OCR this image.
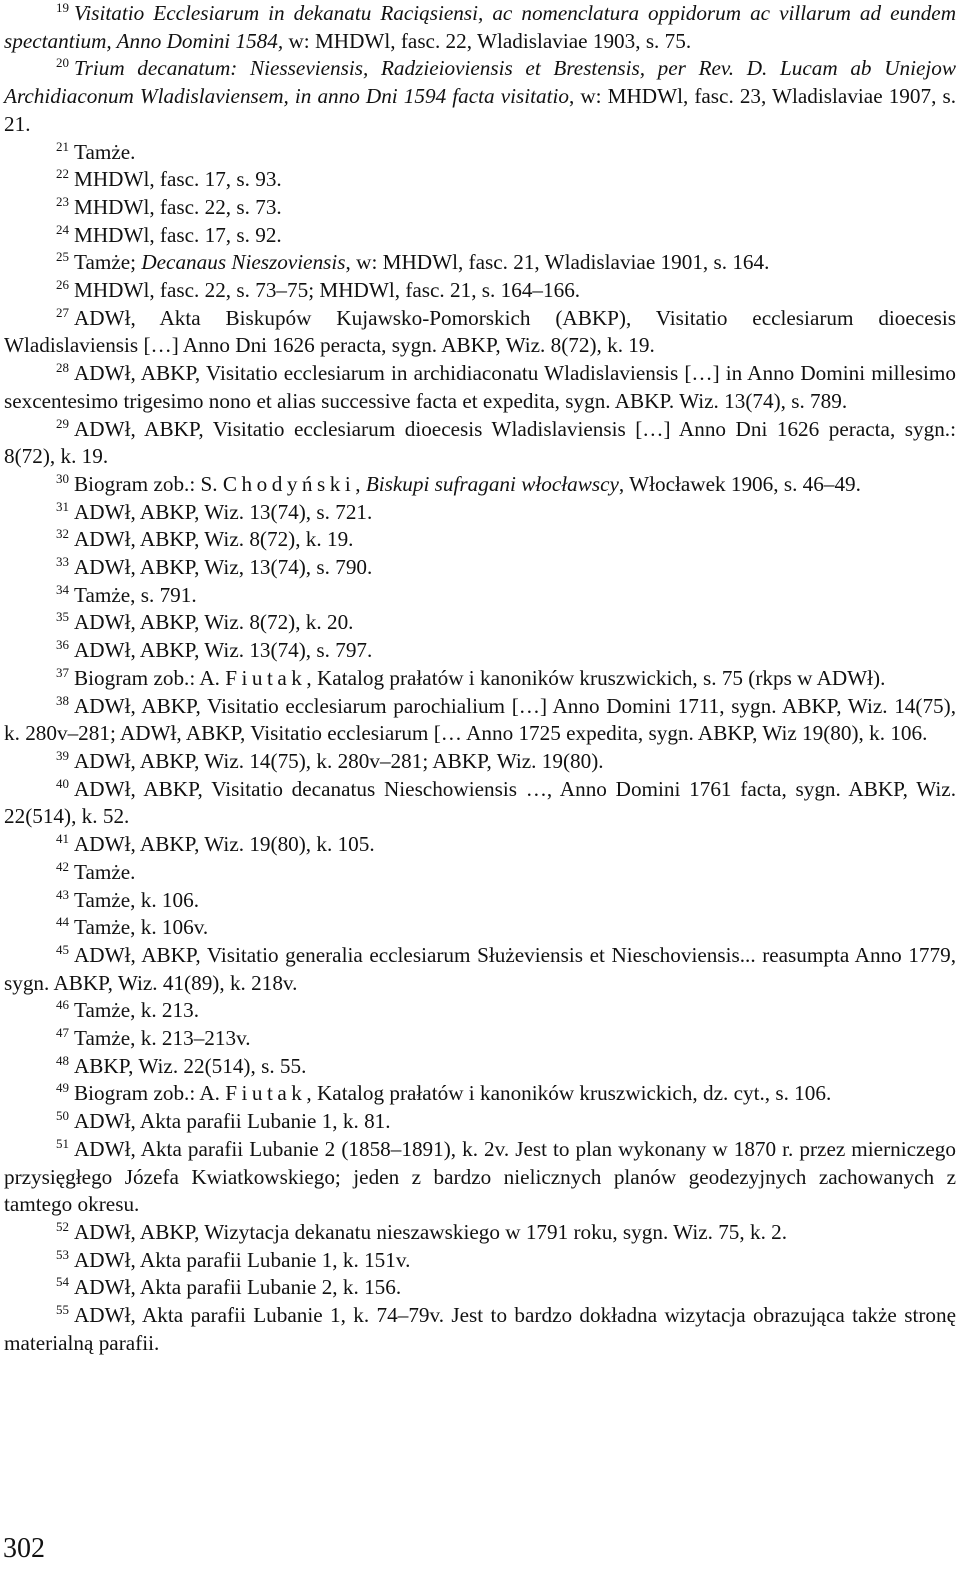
$^{19}$ Visitatio Ecclesiarum in dekanatu Raciąsiensi, ac nomenclatura oppidorum ac villarum ad eundem spectantium, Anno Domini 1584, w: MHDWl, fasc. 22, Wladislaviae 1903, s. 75.

$^{20}$ Trium decanatum: Niesseviensis, Radzieioviensis et Brestensis, per Rev. D. Lucam ab Uniejow Archidiaconum Wladislaviensem, in anno Dni 1594 facta visitatio, w: MHDWl, fasc. 23, Wladislaviae 1907, s. 21.

$^{21}$ Tamże.

$^{22}$ MHDWl, fasc. 17, s. 93.

$^{23}$ MHDWl, fasc. 22, s. 73.

$^{24}$ MHDWl, fasc. 17, s. 92.

$^{25}$ Tamże; Decanaus Nieszoviensis, w: MHDWl, fasc. 21, Wladislaviae 1901, s. 164.

$^{26}$ MHDWl, fasc. 22, s. 73–75; MHDWl, fasc. 21, s. 164–166.

$^{27}$ ADWł, Akta Biskupów Kujawsko-Pomorskich (ABKP), Visitatio ecclesiarum dioecesis Wladislaviensis […] Anno Dni 1626 peracta, sygn. ABKP, Wiz. 8(72), k. 19.

$^{28}$ ADWł, ABKP, Visitatio ecclesiarum in archidiaconatu Wladislaviensis […] in Anno Domini millesimo sexcentesimo trigesimo nono et alias successive facta et expedita, sygn. ABKP. Wiz. 13(74), s. 789.

$^{29}$ ADWł, ABKP, Visitatio ecclesiarum dioecesis Wladislaviensis […] Anno Dni 1626 peracta, sygn.: 8(72), k. 19.

$^{30}$ Biogram zob.: S. Chodyński, Biskupi sufragani włocławscy, Włocławek 1906, s. 46–49.

$^{31}$ ADWł, ABKP, Wiz. 13(74), s. 721.

$^{32}$ ADWł, ABKP, Wiz. 8(72), k. 19.

$^{33}$ ADWł, ABKP, Wiz, 13(74), s. 790.

$^{34}$ Tamże, s. 791.

$^{35}$ ADWł, ABKP, Wiz. 8(72), k. 20.

$^{36}$ ADWł, ABKP, Wiz. 13(74), s. 797.

$^{37}$ Biogram zob.: A. Fiutak, Katalog prałatów i kanoników kruszwickich, s. 75 (rkps w ADWł).

$^{38}$ ADWł, ABKP, Visitatio ecclesiarum parochialium […] Anno Domini 1711, sygn. ABKP, Wiz. 14(75), k. 280v–281; ADWł, ABKP, Visitatio ecclesiarum [… Anno 1725 expedita, sygn. ABKP, Wiz 19(80), k. 106.

$^{39}$ ADWł, ABKP, Wiz. 14(75), k. 280v–281; ABKP, Wiz. 19(80).

$^{40}$ ADWł, ABKP, Visitatio decanatus Nieschowiensis …, Anno Domini 1761 facta, sygn. ABKP, Wiz. 22(514), k. 52.

$^{41}$ ADWł, ABKP, Wiz. 19(80), k. 105.

$^{42}$ Tamże.

$^{43}$ Tamże, k. 106.

$^{44}$ Tamże, k. 106v.

$^{45}$ ADWł, ABKP, Visitatio generalia ecclesiarum Służeviensis et Nieschoviensis... reasumpta Anno 1779, sygn. ABKP, Wiz. 41(89), k. 218v.

$^{46}$ Tamże, k. 213.

$^{47}$ Tamże, k. 213–213v.

$^{48}$ ABKP, Wiz. 22(514), s. 55.

$^{49}$ Biogram zob.: A. Fiutak, Katalog prałatów i kanoników kruszwickich, dz. cyt., s. 106.

$^{50}$ ADWł, Akta parafii Lubanie 1, k. 81.

$^{51}$ ADWł, Akta parafii Lubanie 2 (1858–1891), k. 2v. Jest to plan wykonany w 1870 r. przez mierniczego przysięgłego Józefa Kwiatkowskiego; jeden z bardzo nielicznych planów geodezyjnych zachowanych z tamtego okresu.

$^{52}$ ADWł, ABKP, Wizytacja dekanatu nieszawskiego w 1791 roku, sygn. Wiz. 75, k. 2.

$^{53}$ ADWł, Akta parafii Lubanie 1, k. 151v.

$^{54}$ ADWł, Akta parafii Lubanie 2, k. 156.

$^{55}$ ADWł, Akta parafii Lubanie 1, k. 74–79v. Jest to bardzo dokładna wizytacja obrazująca także stronę materialną parafii.

302
